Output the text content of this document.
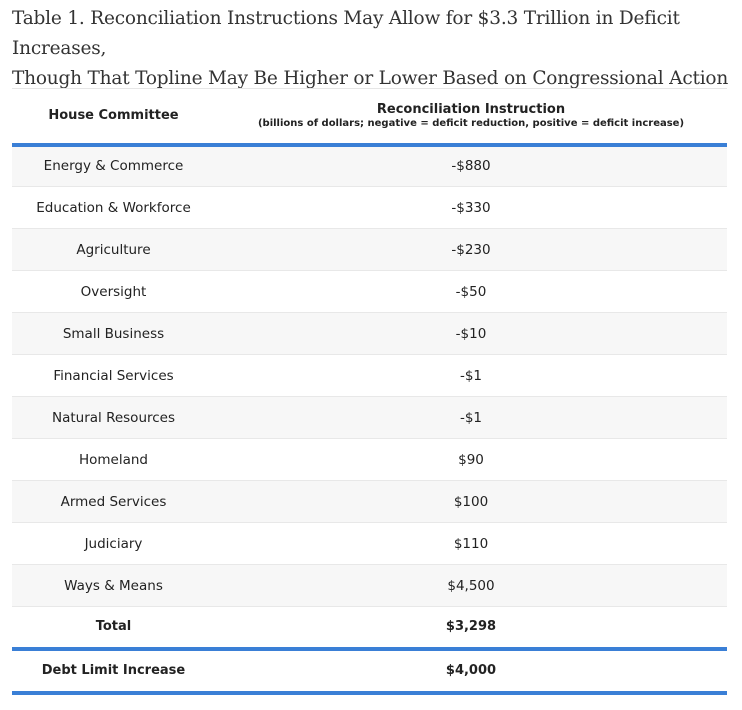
Table 1. Reconciliation Instructions May Allow for $3.3 Trillion in Deficit Increases,
Though That Topline May Be Higher or Lower Based on Congressional Action
House Committee	Reconciliation Instruction
(billions of dollars; negative = deficit reduction, positive = deficit increase)

Energy & Commerce	-$880
Education & Workforce	-$330
Agriculture	-$230
Oversight	-$50
Small Business	-$10
Financial Services	-$1
Natural Resources	-$1
Homeland	$90
Armed Services	$100
Judiciary	$110
Ways & Means	$4,500
Total	$3,298
Debt Limit Increase	$4,000
